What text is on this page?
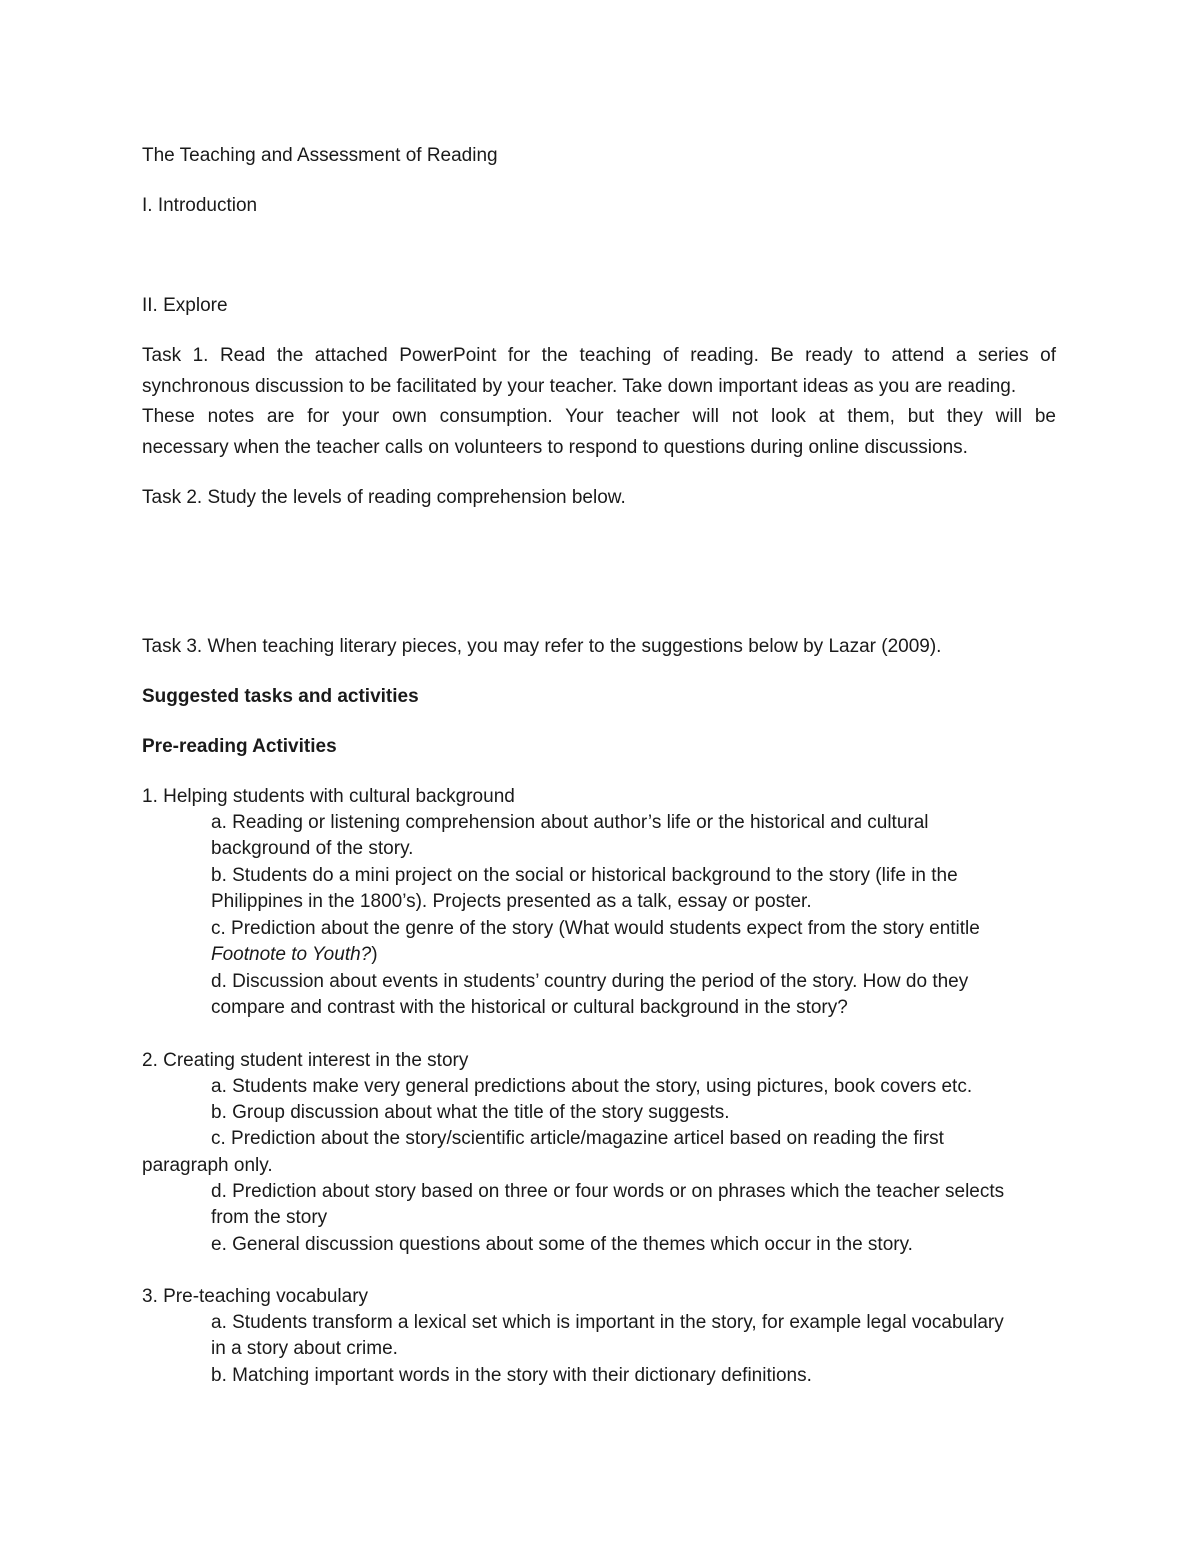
The Teaching and Assessment of Reading
I. Introduction
II. Explore
Task 1. Read the attached PowerPoint for the teaching of reading. Be ready to attend a series of
synchronous discussion to be facilitated by your teacher. Take down important ideas as you are reading.
These notes are for your own consumption. Your teacher will not look at them, but they will be
necessary when the teacher calls on volunteers to respond to questions during online discussions.
Task 2. Study the levels of reading comprehension below.
Task 3. When teaching literary pieces, you may refer to the suggestions below by Lazar (2009).
Suggested tasks and activities
Pre-reading Activities
1. Helping students with cultural background
a. Reading or listening comprehension about author’s life or the historical and cultural
background of the story.
b. Students do a mini project on the social or historical background to the story (life in the
Philippines in the 1800’s). Projects presented as a talk, essay or poster.
c. Prediction about the genre of the story (What would students expect from the story entitle
Footnote to Youth?)
d. Discussion about events in students’ country during the period of the story. How do they
compare and contrast with the historical or cultural background in the story?
2. Creating student interest in the story
a. Students make very general predictions about the story, using pictures, book covers etc.
b. Group discussion about what the title of the story suggests.
c. Prediction about the story/scientific article/magazine articel based on reading the first
paragraph only.
d. Prediction about story based on three or four words or on phrases which the teacher selects
from the story
e. General discussion questions about some of the themes which occur in the story.
3. Pre-teaching vocabulary
a. Students transform a lexical set which is important in the story, for example legal vocabulary
in a story about crime.
b. Matching important words in the story with their dictionary definitions.
